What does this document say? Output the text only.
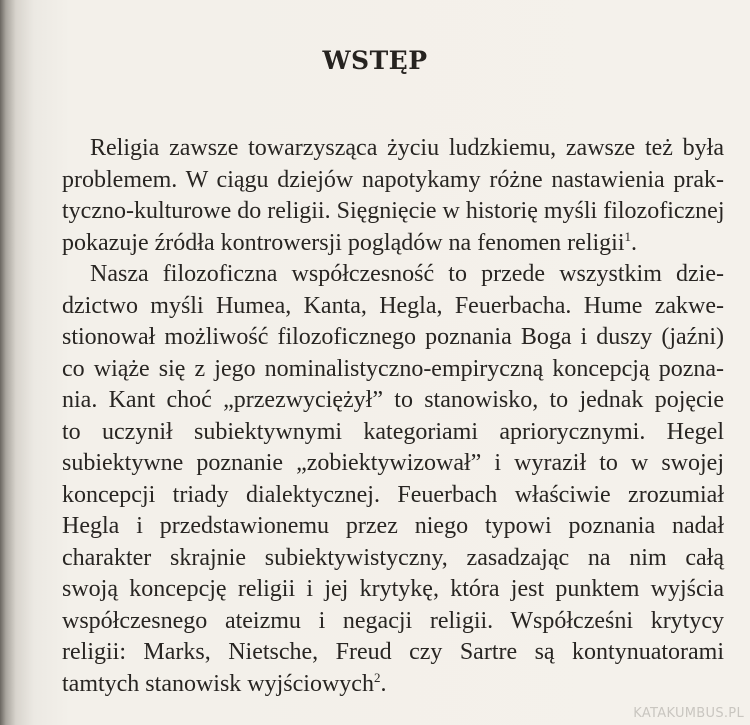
WSTĘP
Religia zawsze towarzysząca życiu ludzkiemu, zawsze też była
problemem. W ciągu dziejów napotykamy różne nastawienia prak-
tyczno-kulturowe do religii. Sięgnięcie w historię myśli filozoficznej
pokazuje źródła kontrowersji poglądów na fenomen religii$^1$.
Nasza filozoficzna współczesność to przede wszystkim dzie-
dzictwo myśli Humea, Kanta, Hegla, Feuerbacha. Hume zakwe-
stionował możliwość filozoficznego poznania Boga i duszy (jaźni)
co wiąże się z jego nominalistyczno-empiryczną koncepcją pozna-
nia. Kant choć „przezwyciężył” to stanowisko, to jednak pojęcie
to uczynił subiektywnymi kategoriami apriorycznymi. Hegel
subiektywne poznanie „zobiektywizował” i wyraził to w swojej
koncepcji triady dialektycznej. Feuerbach właściwie zrozumiał
Hegla i przedstawionemu przez niego typowi poznania nadał
charakter skrajnie subiektywistyczny, zasadzając na nim całą
swoją koncepcję religii i jej krytykę, która jest punktem wyjścia
współczesnego ateizmu i negacji religii. Współcześni krytycy
religii: Marks, Nietsche, Freud czy Sartre są kontynuatorami
tamtych stanowisk wyjściowych$^2$.
KATAKUMBUS.PL
